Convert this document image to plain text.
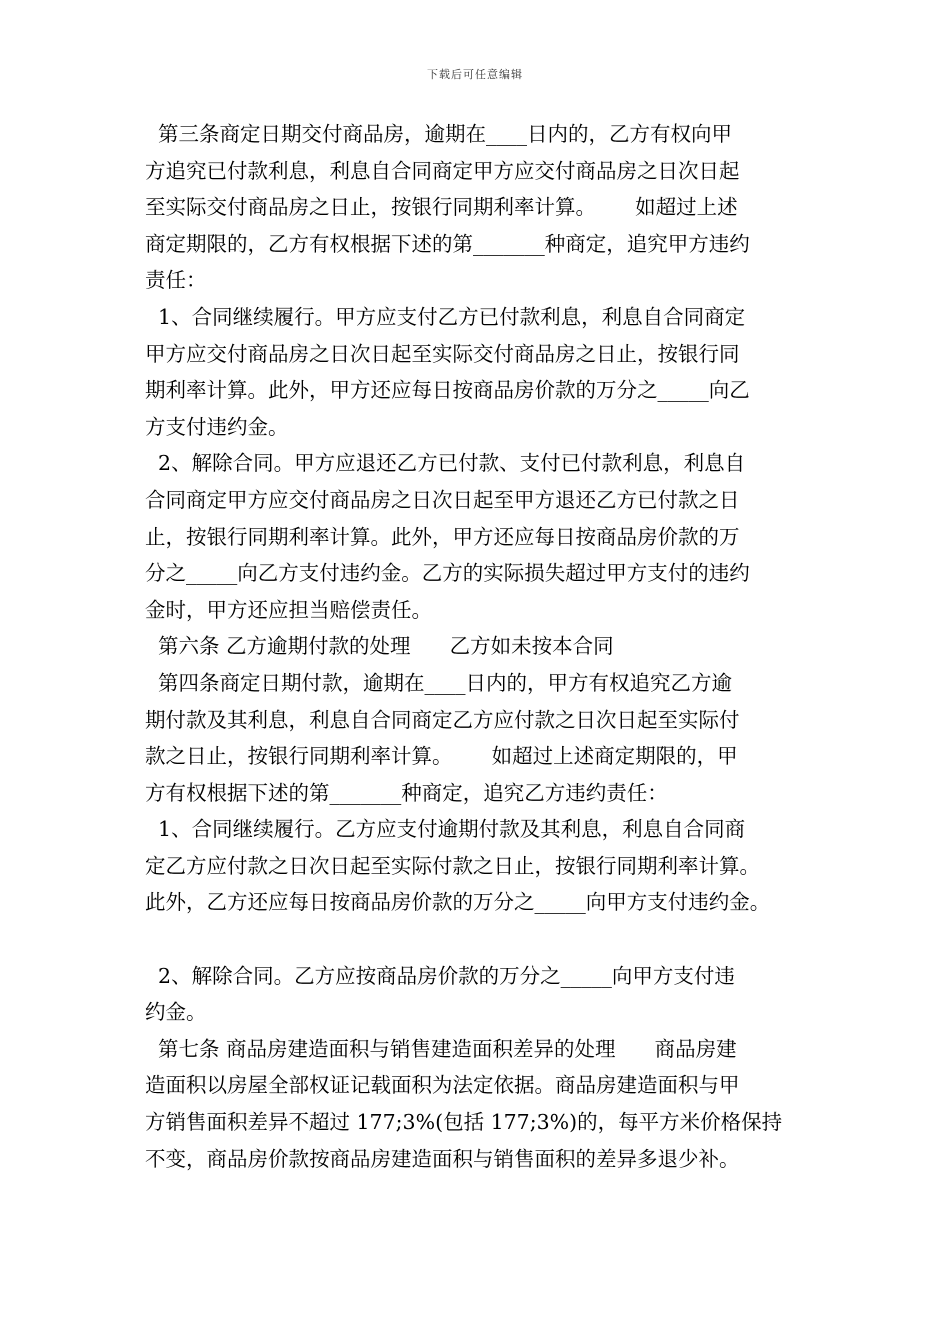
下载后可任意编辑
第三条商定日期交付商品房，逾期在____日内的，乙方有权向甲
方追究已付款利息，利息自合同商定甲方应交付商品房之日次日起
至实际交付商品房之日止，按银行同期利率计算。      如超过上述
商定期限的，乙方有权根据下述的第_______种商定，追究甲方违约
责任：
1、合同继续履行。甲方应支付乙方已付款利息，利息自合同商定
甲方应交付商品房之日次日起至实际交付商品房之日止，按银行同
期利率计算。此外，甲方还应每日按商品房价款的万分之_____向乙
方支付违约金。
2、解除合同。甲方应退还乙方已付款、支付已付款利息，利息自
合同商定甲方应交付商品房之日次日起至甲方退还乙方已付款之日
止，按银行同期利率计算。此外，甲方还应每日按商品房价款的万
分之_____向乙方支付违约金。乙方的实际损失超过甲方支付的违约
金时，甲方还应担当赔偿责任。
第六条 乙方逾期付款的处理      乙方如未按本合同
第四条商定日期付款，逾期在____日内的，甲方有权追究乙方逾
期付款及其利息，利息自合同商定乙方应付款之日次日起至实际付
款之日止，按银行同期利率计算。      如超过上述商定期限的，甲
方有权根据下述的第_______种商定，追究乙方违约责任：
1、合同继续履行。乙方应支付逾期付款及其利息，利息自合同商
定乙方应付款之日次日起至实际付款之日止，按银行同期利率计算。
此外，乙方还应每日按商品房价款的万分之_____向甲方支付违约金。
2、解除合同。乙方应按商品房价款的万分之_____向甲方支付违
约金。
第七条 商品房建造面积与销售建造面积差异的处理      商品房建
造面积以房屋全部权证记载面积为法定依据。商品房建造面积与甲
方销售面积差异不超过 177;3%(包括 177;3%)的，每平方米价格保持
不变，商品房价款按商品房建造面积与销售面积的差异多退少补。
